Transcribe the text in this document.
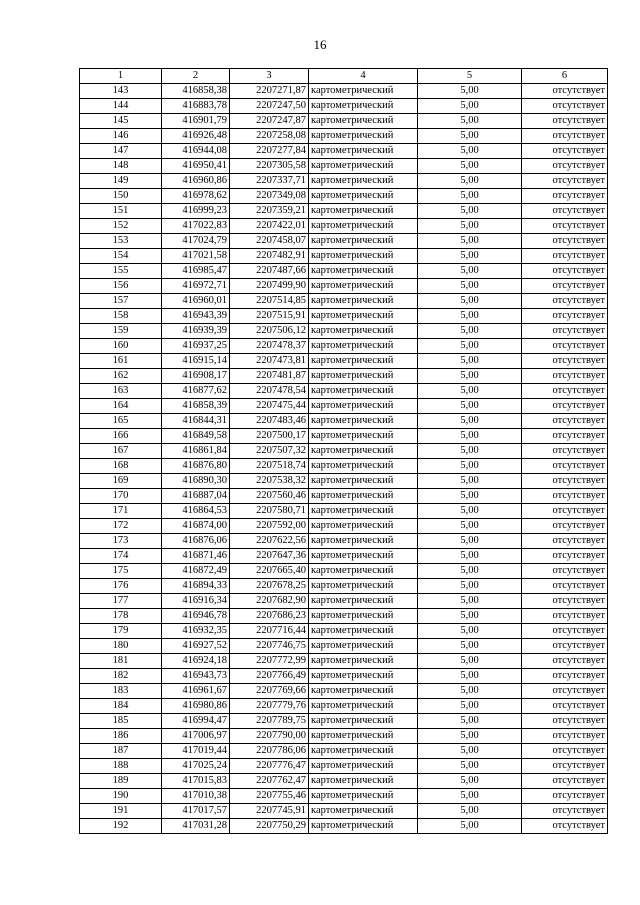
16
1	2	3	4	5	6
143	416858,38	2207271,87	картометрический	5,00	отсутствует
144	416883,78	2207247,50	картометрический	5,00	отсутствует
145	416901,79	2207247,87	картометрический	5,00	отсутствует
146	416926,48	2207258,08	картометрический	5,00	отсутствует
147	416944,08	2207277,84	картометрический	5,00	отсутствует
148	416950,41	2207305,58	картометрический	5,00	отсутствует
149	416960,86	2207337,71	картометрический	5,00	отсутствует
150	416978,62	2207349,08	картометрический	5,00	отсутствует
151	416999,23	2207359,21	картометрический	5,00	отсутствует
152	417022,83	2207422,01	картометрический	5,00	отсутствует
153	417024,79	2207458,07	картометрический	5,00	отсутствует
154	417021,58	2207482,91	картометрический	5,00	отсутствует
155	416985,47	2207487,66	картометрический	5,00	отсутствует
156	416972,71	2207499,90	картометрический	5,00	отсутствует
157	416960,01	2207514,85	картометрический	5,00	отсутствует
158	416943,39	2207515,91	картометрический	5,00	отсутствует
159	416939,39	2207506,12	картометрический	5,00	отсутствует
160	416937,25	2207478,37	картометрический	5,00	отсутствует
161	416915,14	2207473,81	картометрический	5,00	отсутствует
162	416908,17	2207481,87	картометрический	5,00	отсутствует
163	416877,62	2207478,54	картометрический	5,00	отсутствует
164	416858,39	2207475,44	картометрический	5,00	отсутствует
165	416844,31	2207483,46	картометрический	5,00	отсутствует
166	416849,58	2207500,17	картометрический	5,00	отсутствует
167	416861,84	2207507,32	картометрический	5,00	отсутствует
168	416876,80	2207518,74	картометрический	5,00	отсутствует
169	416890,30	2207538,32	картометрический	5,00	отсутствует
170	416887,04	2207560,46	картометрический	5,00	отсутствует
171	416864,53	2207580,71	картометрический	5,00	отсутствует
172	416874,00	2207592,00	картометрический	5,00	отсутствует
173	416876,06	2207622,56	картометрический	5,00	отсутствует
174	416871,46	2207647,36	картометрический	5,00	отсутствует
175	416872,49	2207665,40	картометрический	5,00	отсутствует
176	416894,33	2207678,25	картометрический	5,00	отсутствует
177	416916,34	2207682,90	картометрический	5,00	отсутствует
178	416946,78	2207686,23	картометрический	5,00	отсутствует
179	416932,35	2207716,44	картометрический	5,00	отсутствует
180	416927,52	2207746,75	картометрический	5,00	отсутствует
181	416924,18	2207772,99	картометрический	5,00	отсутствует
182	416943,73	2207766,49	картометрический	5,00	отсутствует
183	416961,67	2207769,66	картометрический	5,00	отсутствует
184	416980,86	2207779,76	картометрический	5,00	отсутствует
185	416994,47	2207789,75	картометрический	5,00	отсутствует
186	417006,97	2207790,00	картометрический	5,00	отсутствует
187	417019,44	2207786,06	картометрический	5,00	отсутствует
188	417025,24	2207776,47	картометрический	5,00	отсутствует
189	417015,83	2207762,47	картометрический	5,00	отсутствует
190	417010,38	2207755,46	картометрический	5,00	отсутствует
191	417017,57	2207745,91	картометрический	5,00	отсутствует
192	417031,28	2207750,29	картометрический	5,00	отсутствует
